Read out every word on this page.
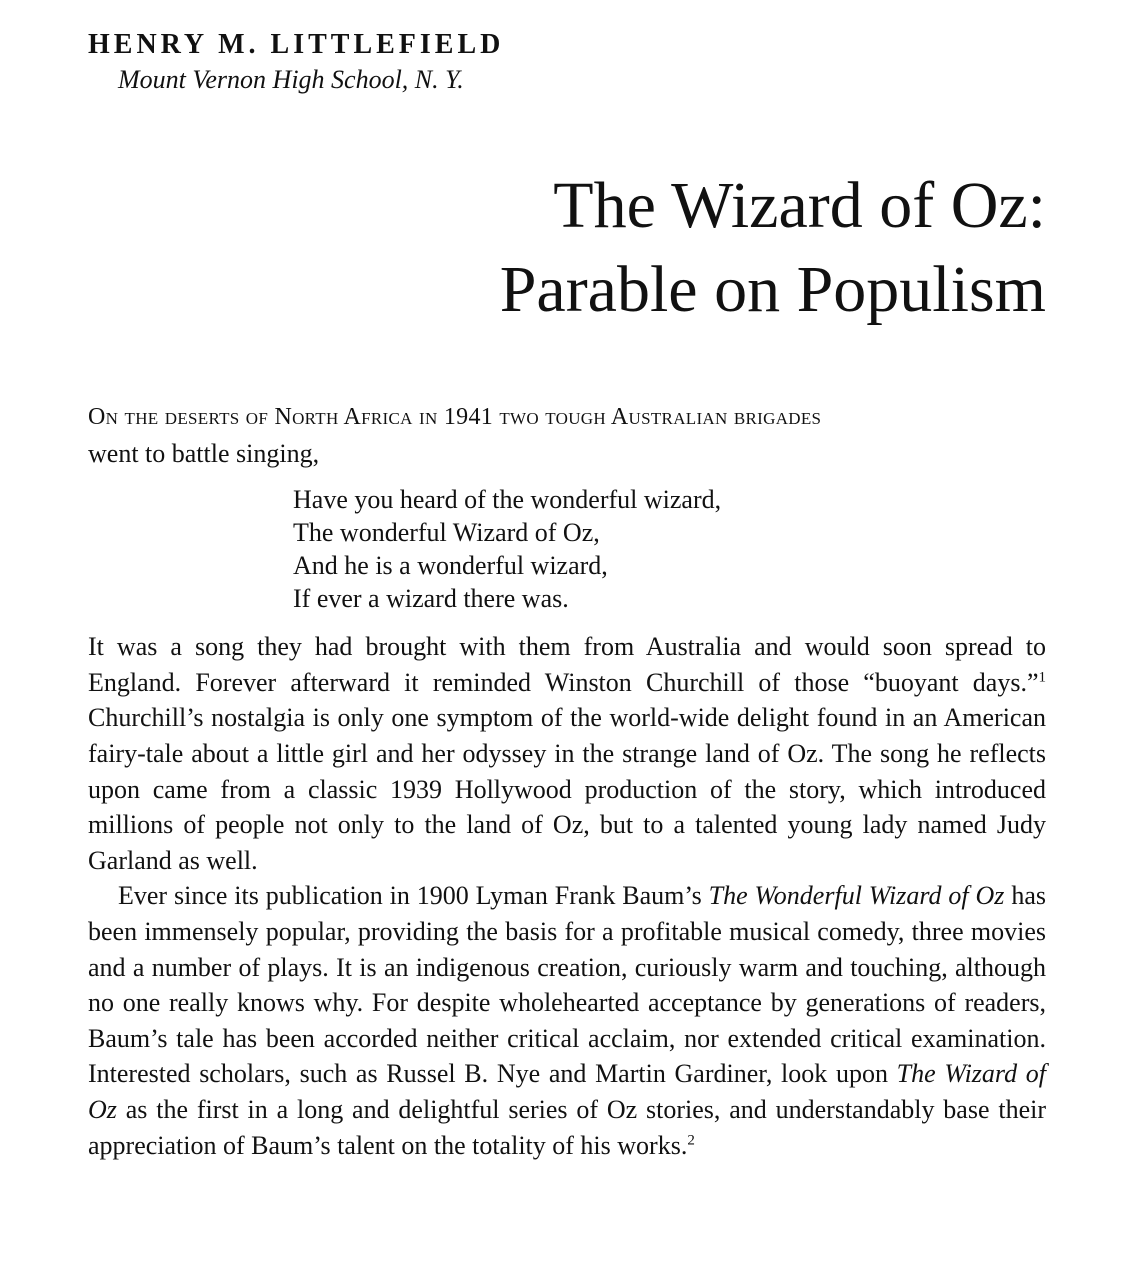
HENRY M. LITTLEFIELD
Mount Vernon High School, N. Y.
The Wizard of Oz:
Parable on Populism

On the deserts of North Africa in 1941 two tough Australian brigades
went to battle singing,

Have you heard of the wonderful wizard,
The wonderful Wizard of Oz,
And he is a wonderful wizard,
If ever a wizard there was.

It was a song they had brought with them from Australia and would soon spread to England. Forever afterward it reminded Winston Churchill of those “buoyant days.”$^1$ Churchill’s nostalgia is only one symptom of the world-wide delight found in an American fairy-tale about a little girl and her odyssey in the strange land of Oz. The song he reflects upon came from a classic 1939 Hollywood production of the story, which introduced millions of people not only to the land of Oz, but to a talented young lady named Judy Garland as well.

Ever since its publication in 1900 Lyman Frank Baum’s The Wonderful Wizard of Oz has been immensely popular, providing the basis for a profitable musical comedy, three movies and a number of plays. It is an indigenous creation, curiously warm and touching, although no one really knows why. For despite wholehearted acceptance by generations of readers, Baum’s tale has been accorded neither critical acclaim, nor extended critical examination. Interested scholars, such as Russel B. Nye and Martin Gardiner, look upon The Wizard of Oz as the first in a long and delightful series of Oz stories, and understandably base their appreciation of Baum’s talent on the totality of his works.$^2$
